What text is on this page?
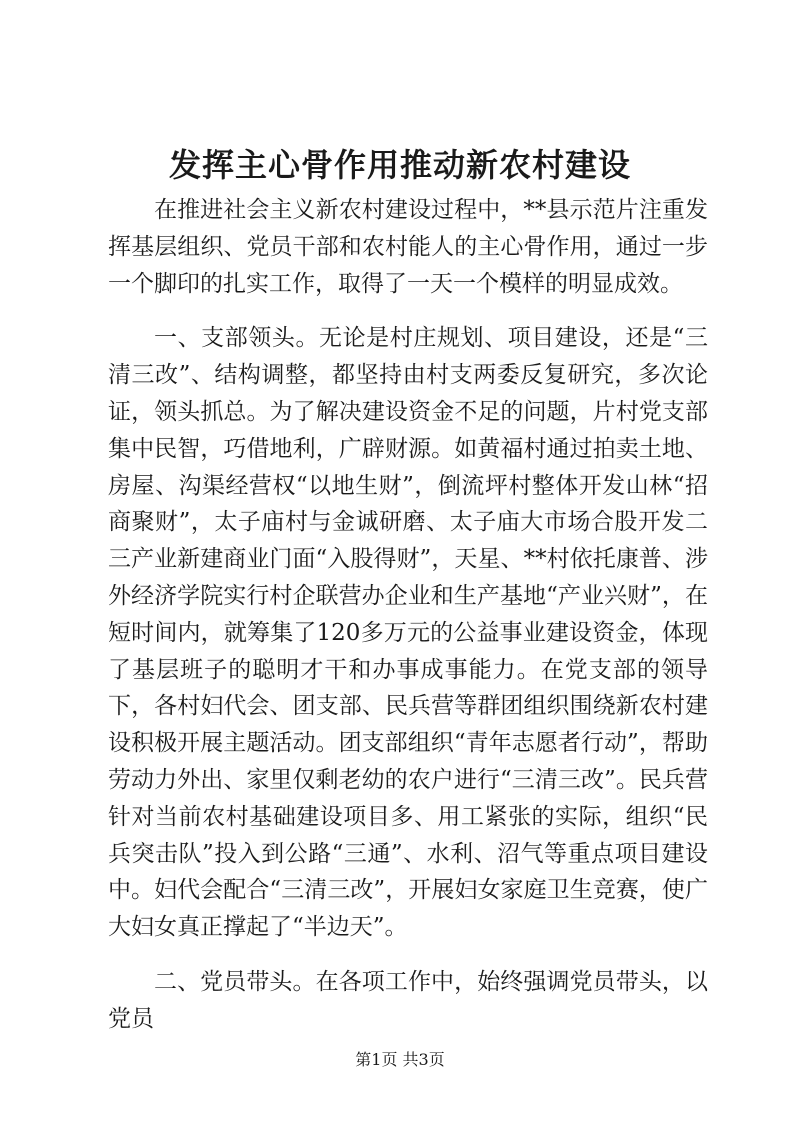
发挥主心骨作用推动新农村建设

在推进社会主义新农村建设过程中，**县示范片注重发挥基层组织、党员干部和农村能人的主心骨作用，通过一步一个脚印的扎实工作，取得了一天一个模样的明显成效。

一、支部领头。无论是村庄规划、项目建设，还是“三清三改”、结构调整，都坚持由村支两委反复研究，多次论证，领头抓总。为了解决建设资金不足的问题，片村党支部集中民智，巧借地利，广辟财源。如黄福村通过拍卖土地、房屋、沟渠经营权“以地生财”，倒流坪村整体开发山林“招商聚财”，太子庙村与金诚研磨、太子庙大市场合股开发二三产业新建商业门面“入股得财”，天星、**村依托康普、涉外经济学院实行村企联营办企业和生产基地“产业兴财”，在短时间内，就筹集了120多万元的公益事业建设资金，体现了基层班子的聪明才干和办事成事能力。在党支部的领导下，各村妇代会、团支部、民兵营等群团组织围绕新农村建设积极开展主题活动。团支部组织“青年志愿者行动”，帮助劳动力外出、家里仅剩老幼的农户进行“三清三改”。民兵营针对当前农村基础建设项目多、用工紧张的实际，组织“民兵突击队”投入到公路“三通”、水利、沼气等重点项目建设中。妇代会配合“三清三改”，开展妇女家庭卫生竞赛，使广大妇女真正撑起了“半边天”。

二、党员带头。在各项工作中，始终强调党员带头，以党员

第1页 共3页
